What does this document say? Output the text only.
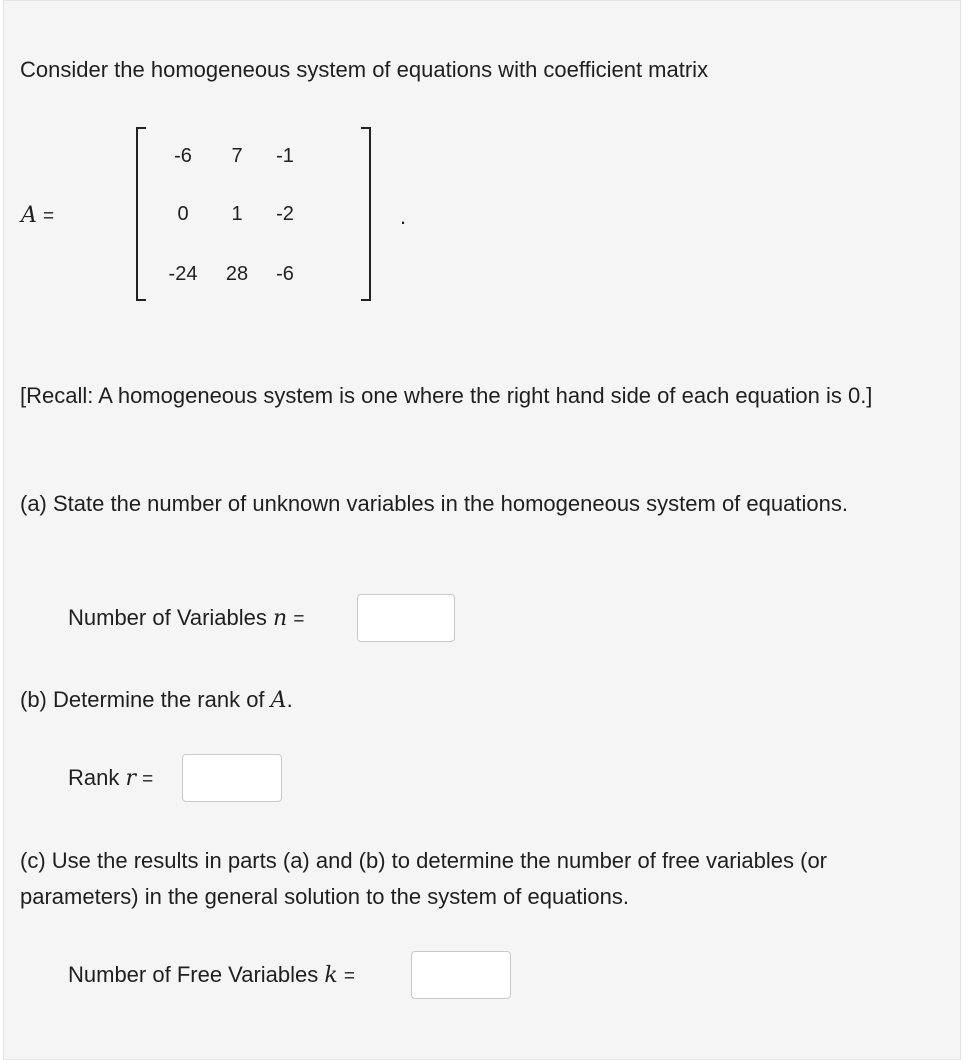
Consider the homogeneous system of equations with coefficient matrix
A =
-6	7	-1
0	1	-2
-24	28	-6
.
[Recall: A homogeneous system is one where the right hand side of each equation is 0.]
(a) State the number of unknown variables in the homogeneous system of equations.
Number of Variables n =
(b) Determine the rank of A.
Rank r =
(c) Use the results in parts (a) and (b) to determine the number of free variables (or parameters) in the general solution to the system of equations.
Number of Free Variables k =
